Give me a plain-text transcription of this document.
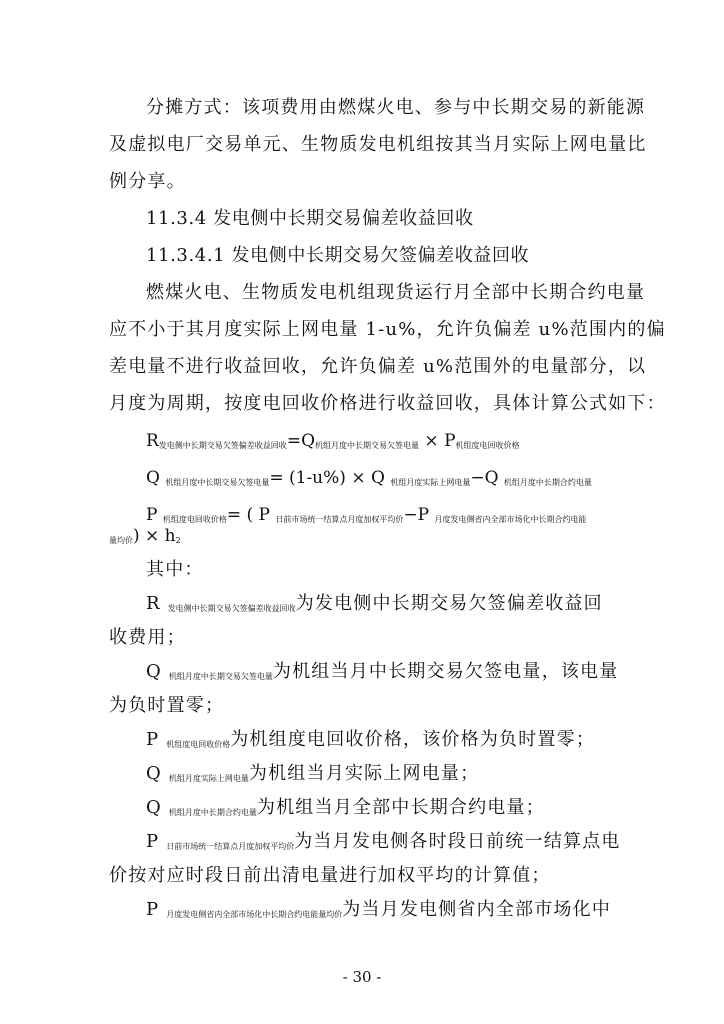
分摊方式：该项费用由燃煤火电、参与中长期交易的新能源
及虚拟电厂交易单元、生物质发电机组按其当月实际上网电量比
例分享。
11.3.4 发电侧中长期交易偏差收益回收
11.3.4.1 发电侧中长期交易欠签偏差收益回收
燃煤火电、生物质发电机组现货运行月全部中长期合约电量
应不小于其月度实际上网电量 1-u%，允许负偏差 u%范围内的偏
差电量不进行收益回收，允许负偏差 u%范围外的电量部分，以
月度为周期，按度电回收价格进行收益回收，具体计算公式如下：
$R_{发电侧中长期交易欠签偏差收益回收}=Q_{机组月度中长期交易欠签电量} \times P_{机组度电回收价格}$
Q $_{机组月度中长期交易欠签电量}$= (1-u%) × Q $_{机组月度实际上网电量}$−Q $_{机组月度中长期合约电量}$
P $_{机组度电回收价格}$= ( P $_{日前市场统一结算点月度加权平均价}$−P $_{月度发电侧省内全部市场化中长期合约电能}$
$_{量均价}) \times h_2$
其中：
R $_{发电侧中长期交易欠签偏差收益回收}$为发电侧中长期交易欠签偏差收益回
收费用；
Q $_{机组月度中长期交易欠签电量}$为机组当月中长期交易欠签电量，该电量
为负时置零；
P $_{机组度电回收价格}$为机组度电回收价格，该价格为负时置零；
Q $_{机组月度实际上网电量}$为机组当月实际上网电量；
Q $_{机组月度中长期合约电量}$为机组当月全部中长期合约电量；
P $_{日前市场统一结算点月度加权平均价}$为当月发电侧各时段日前统一结算点电
价按对应时段日前出清电量进行加权平均的计算值；
P $_{月度发电侧省内全部市场化中长期合约电能量均价}$为当月发电侧省内全部市场化中
- 30 -
